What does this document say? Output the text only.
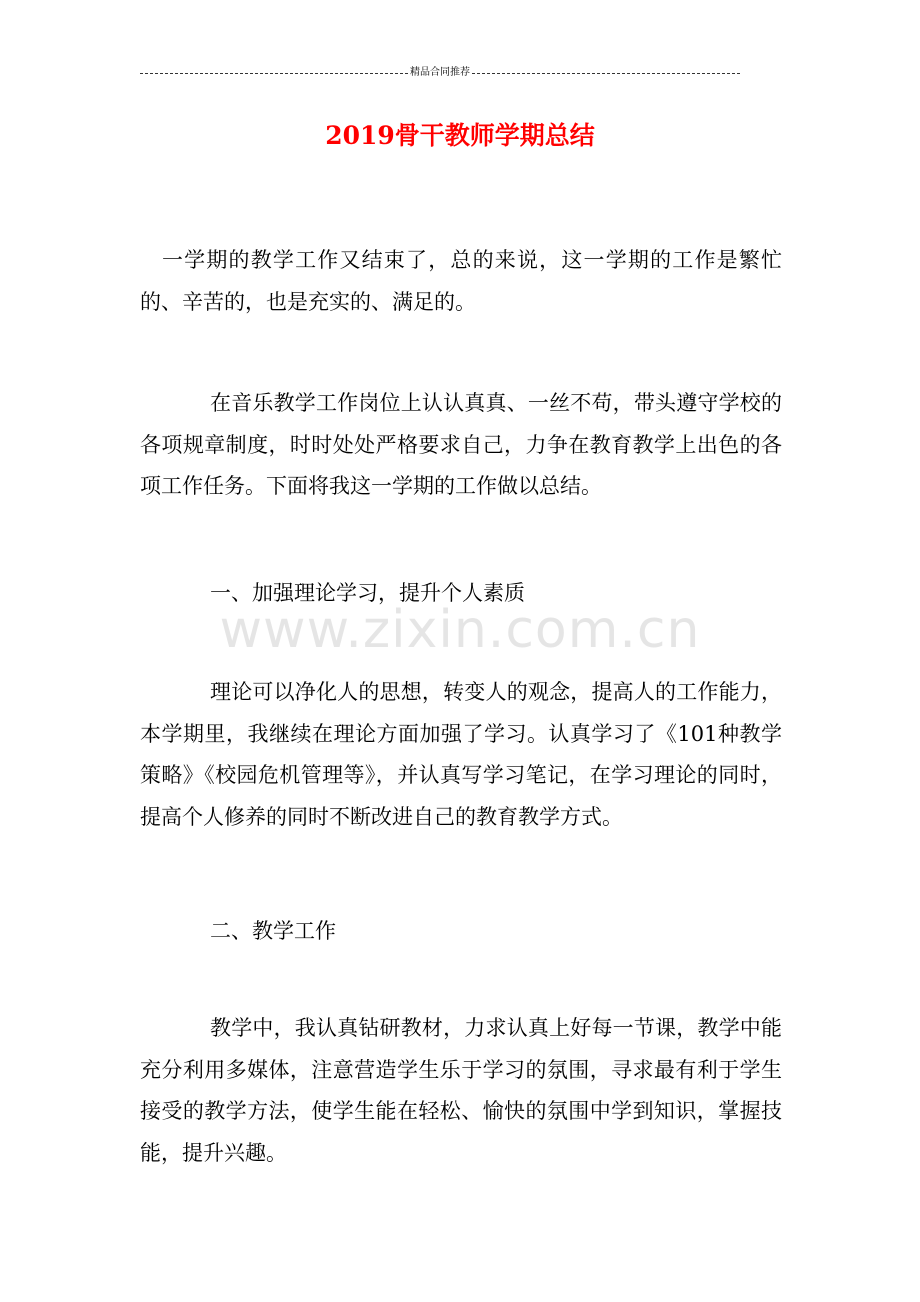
精品合同推荐
2019骨干教师学期总结

一学期的教学工作又结束了，总的来说，这一学期的工作是繁忙的、辛苦的，也是充实的、满足的。

在音乐教学工作岗位上认认真真、一丝不苟，带头遵守学校的各项规章制度，时时处处严格要求自己，力争在教育教学上出色的各项工作任务。下面将我这一学期的工作做以总结。

一、加强理论学习，提升个人素质

www.zixin.com.cn

理论可以净化人的思想，转变人的观念，提高人的工作能力，本学期里，我继续在理论方面加强了学习。认真学习了《101种教学策略》《校园危机管理等》，并认真写学习笔记，在学习理论的同时，提高个人修养的同时不断改进自己的教育教学方式。

二、教学工作

教学中，我认真钻研教材，力求认真上好每一节课，教学中能充分利用多媒体，注意营造学生乐于学习的氛围，寻求最有利于学生接受的教学方法，使学生能在轻松、愉快的氛围中学到知识，掌握技能，提升兴趣。
